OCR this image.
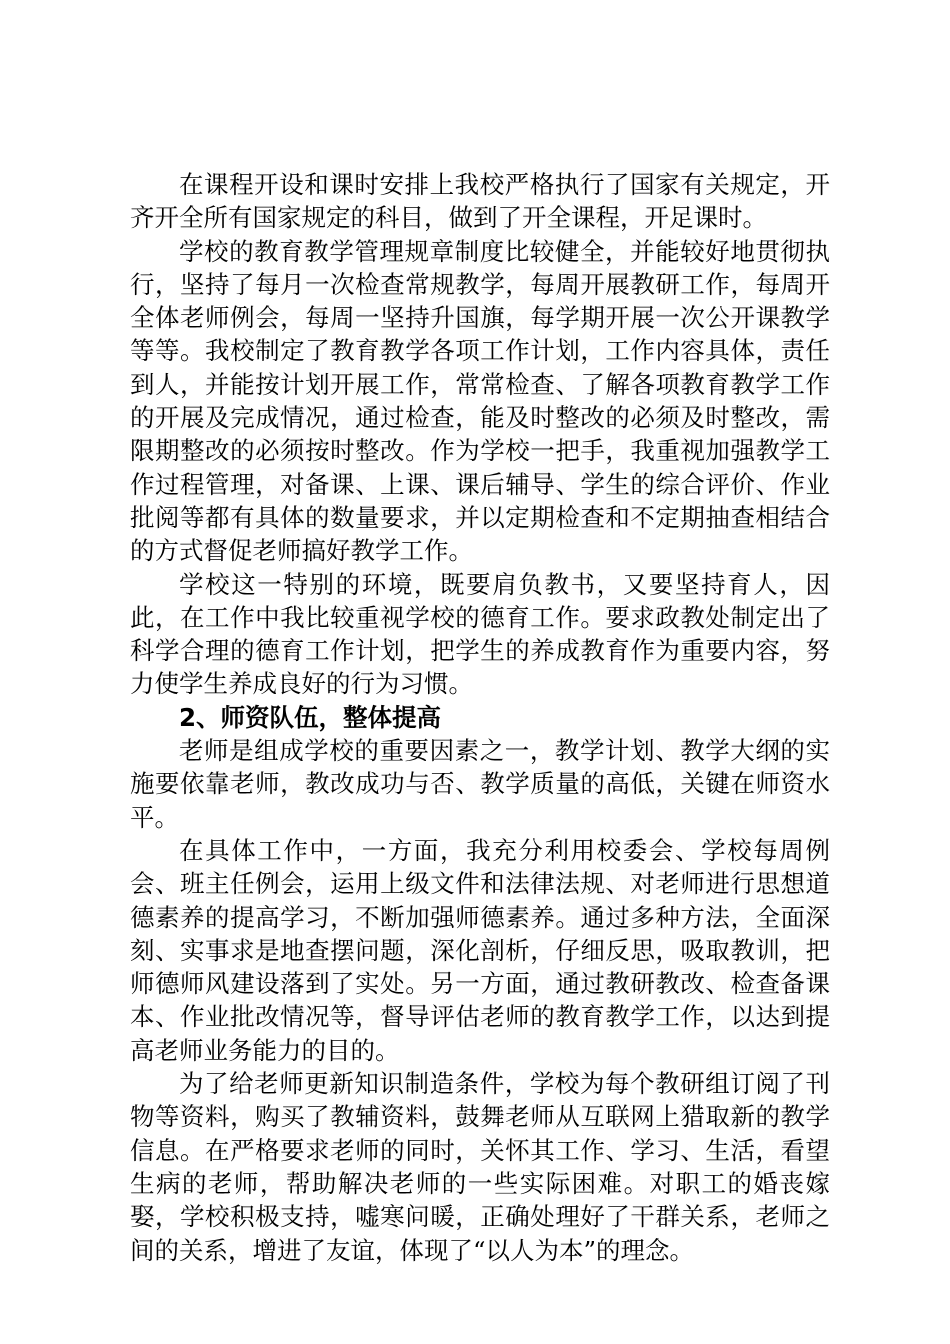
在课程开设和课时安排上我校严格执行了国家有关规定，开齐开全所有国家规定的科目，做到了开全课程，开足课时。

学校的教育教学管理规章制度比较健全，并能较好地贯彻执行，坚持了每月一次检查常规教学，每周开展教研工作，每周开全体老师例会，每周一坚持升国旗，每学期开展一次公开课教学等等。我校制定了教育教学各项工作计划，工作内容具体，责任到人，并能按计划开展工作，常常检查、了解各项教育教学工作的开展及完成情况，通过检查，能及时整改的必须及时整改，需限期整改的必须按时整改。作为学校一把手，我重视加强教学工作过程管理，对备课、上课、课后辅导、学生的综合评价、作业批阅等都有具体的数量要求，并以定期检查和不定期抽查相结合的方式督促老师搞好教学工作。

学校这一特别的环境，既要肩负教书，又要坚持育人，因此，在工作中我比较重视学校的德育工作。要求政教处制定出了科学合理的德育工作计划，把学生的养成教育作为重要内容，努力使学生养成良好的行为习惯。

2、师资队伍，整体提高

老师是组成学校的重要因素之一，教学计划、教学大纲的实施要依靠老师，教改成功与否、教学质量的高低，关键在师资水平。

在具体工作中，一方面，我充分利用校委会、学校每周例会、班主任例会，运用上级文件和法律法规、对老师进行思想道德素养的提高学习，不断加强师德素养。通过多种方法，全面深刻、实事求是地查摆问题，深化剖析，仔细反思，吸取教训，把师德师风建设落到了实处。另一方面，通过教研教改、检查备课本、作业批改情况等，督导评估老师的教育教学工作，以达到提高老师业务能力的目的。

为了给老师更新知识制造条件，学校为每个教研组订阅了刊物等资料，购买了教辅资料，鼓舞老师从互联网上猎取新的教学信息。在严格要求老师的同时，关怀其工作、学习、生活，看望生病的老师，帮助解决老师的一些实际困难。对职工的婚丧嫁娶，学校积极支持，嘘寒问暖，正确处理好了干群关系，老师之间的关系，增进了友谊，体现了“以人为本”的理念。
